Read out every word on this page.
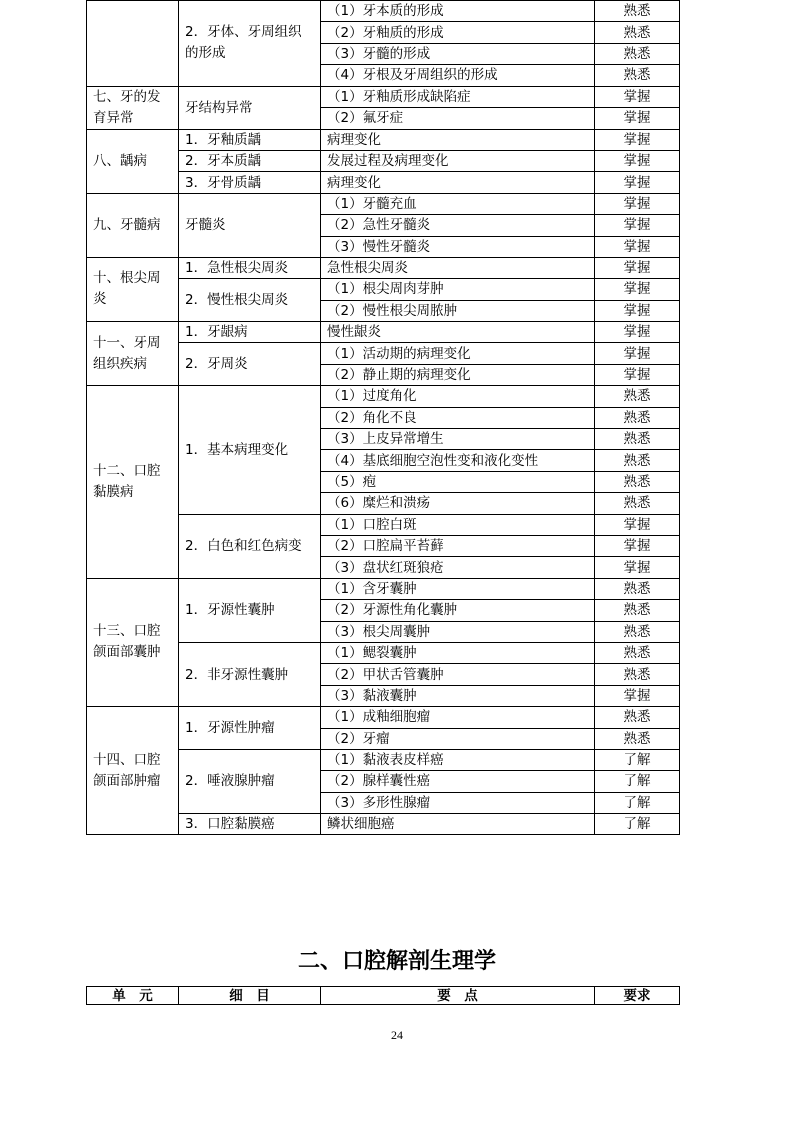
	2．牙体、牙周组织的形成	（1）牙本质的形成	熟悉
		（2）牙釉质的形成	熟悉
		（3）牙髓的形成	熟悉
		（4）牙根及牙周组织的形成	熟悉
七、牙的发育异常	牙结构异常	（1）牙釉质形成缺陷症	掌握
		（2）氟牙症	掌握
八、龋病	1．牙釉质龋	病理变化	掌握
	2．牙本质龋	发展过程及病理变化	掌握
	3．牙骨质龋	病理变化	掌握
九、牙髓病	牙髓炎	（1）牙髓充血	掌握
		（2）急性牙髓炎	掌握
		（3）慢性牙髓炎	掌握
十、根尖周炎	1．急性根尖周炎	急性根尖周炎	掌握
	2．慢性根尖周炎	（1）根尖周肉芽肿	掌握
		（2）慢性根尖周脓肿	掌握
十一、牙周组织疾病	1．牙龈病	慢性龈炎	掌握
	2．牙周炎	（1）活动期的病理变化	掌握
		（2）静止期的病理变化	掌握
十二、口腔黏膜病	1．基本病理变化	（1）过度角化	熟悉
		（2）角化不良	熟悉
		（3）上皮异常增生	熟悉
		（4）基底细胞空泡性变和液化变性	熟悉
		（5）疱	熟悉
		（6）糜烂和溃疡	熟悉
	2．白色和红色病变	（1）口腔白斑	掌握
		（2）口腔扁平苔藓	掌握
		（3）盘状红斑狼疮	掌握
十三、口腔颌面部囊肿	1．牙源性囊肿	（1）含牙囊肿	熟悉
		（2）牙源性角化囊肿	熟悉
		（3）根尖周囊肿	熟悉
	2．非牙源性囊肿	（1）鳃裂囊肿	熟悉
		（2）甲状舌管囊肿	熟悉
		（3）黏液囊肿	掌握
十四、口腔颌面部肿瘤	1．牙源性肿瘤	（1）成釉细胞瘤	熟悉
		（2）牙瘤	熟悉
	2．唾液腺肿瘤	（1）黏液表皮样癌	了解
		（2）腺样囊性癌	了解
		（3）多形性腺瘤	了解
	3．口腔黏膜癌	鳞状细胞癌	了解
二、口腔解剖生理学
单　元	细　目	要　点	要求
24
